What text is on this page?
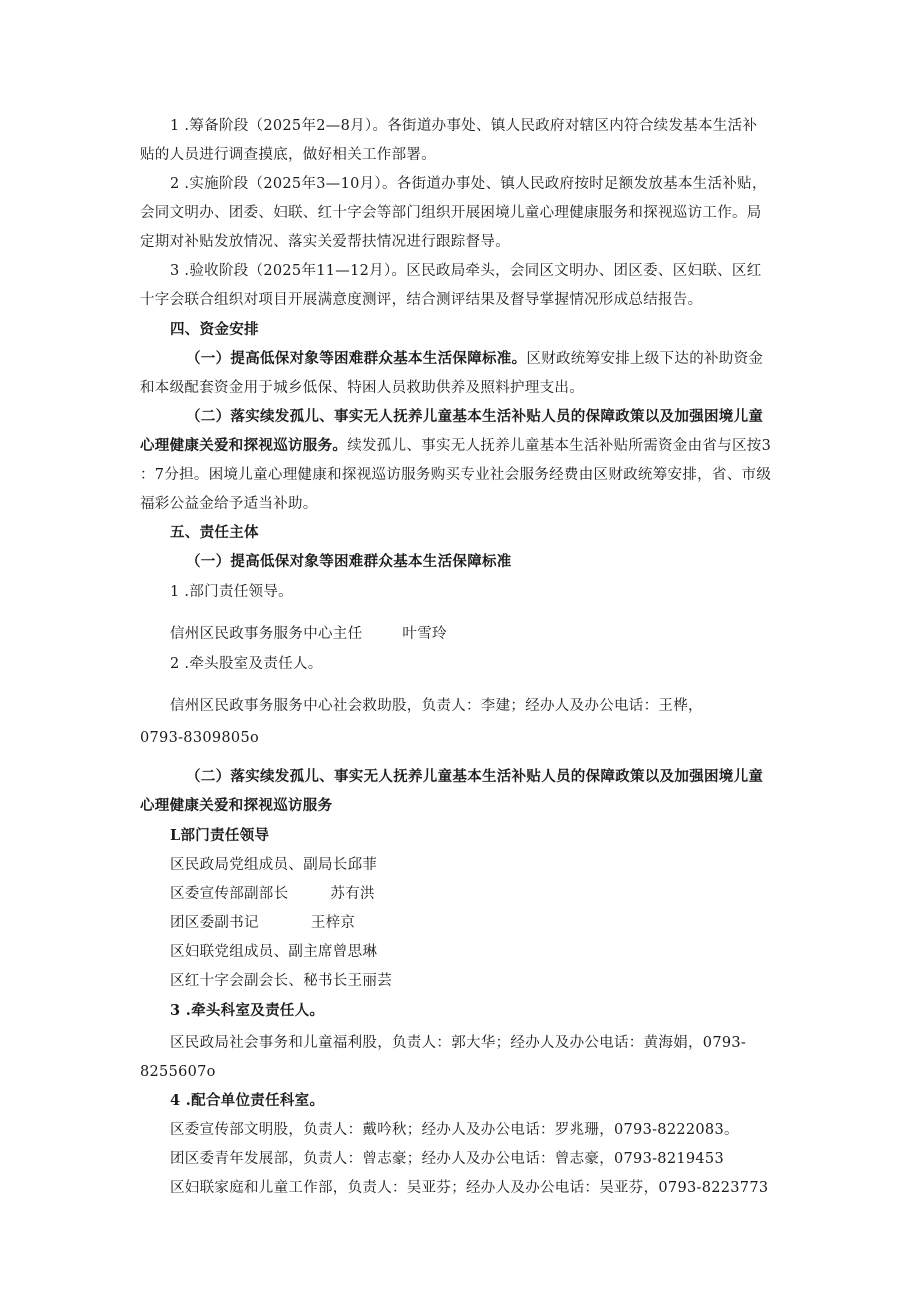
1 .筹备阶段（2025年2—8月）。各街道办事处、镇人民政府对辖区内符合续发基本生活补
贴的人员进行调查摸底，做好相关工作部署。
2 .实施阶段（2025年3—10月）。各街道办事处、镇人民政府按时足额发放基本生活补贴，
会同文明办、团委、妇联、红十字会等部门组织开展困境儿童心理健康服务和探视巡访工作。局
定期对补贴发放情况、落实关爱帮扶情况进行跟踪督导。
3 .验收阶段（2025年11—12月）。区民政局牵头，会同区文明办、团区委、区妇联、区红
十字会联合组织对项目开展满意度测评，结合测评结果及督导掌握情况形成总结报告。
四、资金安排
（一）提高低保对象等困难群众基本生活保障标准。区财政统筹安排上级下达的补助资金
和本级配套资金用于城乡低保、特困人员救助供养及照料护理支出。
（二）落实续发孤儿、事实无人抚养儿童基本生活补贴人员的保障政策以及加强困境儿童
心理健康关爱和探视巡访服务。续发孤儿、事实无人抚养儿童基本生活补贴所需资金由省与区按3
：7分担。困境儿童心理健康和探视巡访服务购买专业社会服务经费由区财政统筹安排，省、市级
福彩公益金给予适当补助。
五、责任主体
（一）提高低保对象等困难群众基本生活保障标准
1 .部门责任领导。
信州区民政事务服务中心主任	叶雪玲
2 .牵头股室及责任人。
信州区民政事务服务中心社会救助股，负责人：李建；经办人及办公电话：王桦，
0793-8309805o
（二）落实续发孤儿、事实无人抚养儿童基本生活补贴人员的保障政策以及加强困境儿童
心理健康关爱和探视巡访服务
L部门责任领导
区民政局党组成员、副局长邱菲
区委宣传部副部长	苏有洪
团区委副书记	王梓京
区妇联党组成员、副主席曾思琳
区红十字会副会长、秘书长王丽芸
3 .牵头科室及责任人。
区民政局社会事务和儿童福利股，负责人：郭大华；经办人及办公电话：黄海娟，0793-
8255607o
4 .配合单位责任科室。
区委宣传部文明股，负责人：戴吟秋；经办人及办公电话：罗兆珊，0793-8222083。
团区委青年发展部，负责人：曾志豪；经办人及办公电话：曾志豪，0793-8219453
区妇联家庭和儿童工作部，负责人：吴亚芬；经办人及办公电话：吴亚芬，0793-8223773
